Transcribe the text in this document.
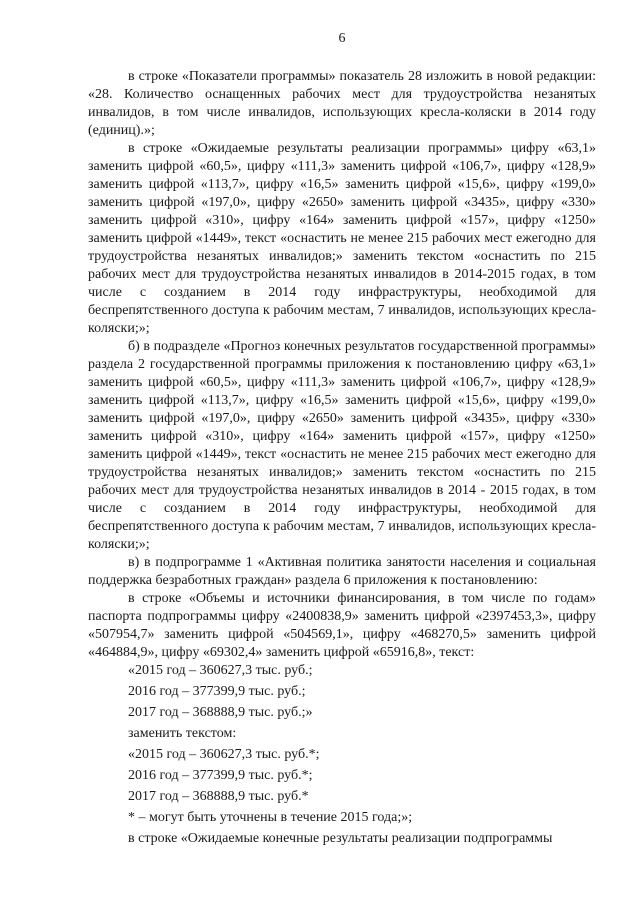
6

в строке «Показатели программы» показатель 28 изложить в новой редакции: «28. Количество оснащенных рабочих мест для трудоустройства незанятых инвалидов, в том числе инвалидов, использующих кресла-коляски в 2014 году (единиц).»;

в строке «Ожидаемые результаты реализации программы» цифру «63,1» заменить цифрой «60,5», цифру «111,3» заменить цифрой «106,7», цифру «128,9» заменить цифрой «113,7», цифру «16,5» заменить цифрой «15,6», цифру «199,0» заменить цифрой «197,0», цифру «2650» заменить цифрой «3435», цифру «330» заменить цифрой «310», цифру «164» заменить цифрой «157», цифру «1250» заменить цифрой «1449», текст «оснастить не менее 215 рабочих мест ежегодно для трудоустройства незанятых инвалидов;» заменить текстом «оснастить по 215 рабочих мест для трудоустройства незанятых инвалидов в 2014-2015 годах, в том числе с созданием в 2014 году инфраструктуры, необходимой для беспрепятственного доступа к рабочим местам, 7 инвалидов, использующих кресла-коляски;»;

б) в подразделе «Прогноз конечных результатов государственной программы» раздела 2 государственной программы приложения к постановлению цифру «63,1» заменить цифрой «60,5», цифру «111,3» заменить цифрой «106,7», цифру «128,9» заменить цифрой «113,7», цифру «16,5» заменить цифрой «15,6», цифру «199,0» заменить цифрой «197,0», цифру «2650» заменить цифрой «3435», цифру «330» заменить цифрой «310», цифру «164» заменить цифрой «157», цифру «1250» заменить цифрой «1449», текст «оснастить не менее 215 рабочих мест ежегодно для трудоустройства незанятых инвалидов;» заменить текстом «оснастить по 215 рабочих мест для трудоустройства незанятых инвалидов в 2014 - 2015 годах, в том числе с созданием в 2014 году инфраструктуры, необходимой для беспрепятственного доступа к рабочим местам, 7 инвалидов, использующих кресла-коляски;»;

в) в подпрограмме 1 «Активная политика занятости населения и социальная поддержка безработных граждан» раздела 6 приложения к постановлению:

в строке «Объемы и источники финансирования, в том числе по годам» паспорта подпрограммы цифру «2400838,9» заменить цифрой «2397453,3», цифру «507954,7» заменить цифрой «504569,1», цифру «468270,5» заменить цифрой «464884,9», цифру «69302,4» заменить цифрой «65916,8», текст:

«2015 год – 360627,3 тыс. руб.;
2016 год – 377399,9 тыс. руб.;
2017 год – 368888,9 тыс. руб.;»
заменить текстом:
«2015 год – 360627,3 тыс. руб.*;
2016 год – 377399,9 тыс. руб.*;
2017 год – 368888,9 тыс. руб.*
* – могут быть уточнены в течение 2015 года;»;

в строке «Ожидаемые конечные результаты реализации подпрограммы
